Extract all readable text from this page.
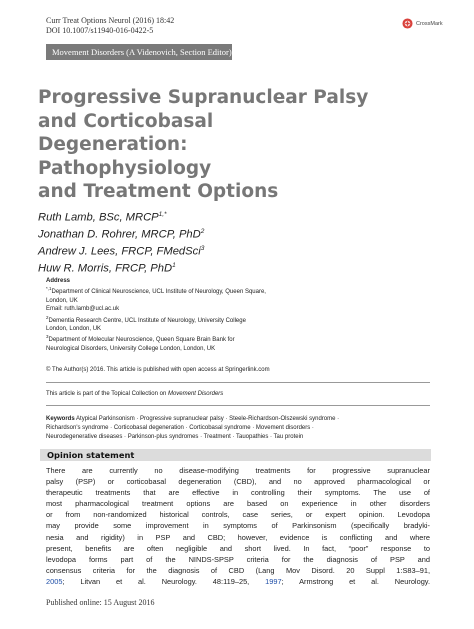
Curr Treat Options Neurol (2016) 18:42
DOI 10.1007/s11940-016-0422-5
CrossMark
Movement Disorders (A Videnovich, Section Editor)
Progressive Supranuclear Palsy
and Corticobasal
Degeneration:
Pathophysiology
and Treatment Options
Ruth Lamb, BSc, $MRCP^{1,*}$
Jonathan D. Rohrer, MRCP, PhD$^2$
Andrew J. Lees, FRCP, FMedSci$^3$
Huw R. Morris, FRCP, PhD$^1$
Address
$^{*,1}$Department of Clinical Neuroscience, UCL Institute of Neurology, Queen Square,
London, UK
Email: ruth.lamb@ucl.ac.uk
$^2$Dementia Research Centre, UCL Institute of Neurology, University College
London, London, UK
$^3$Department of Molecular Neuroscience, Queen Square Brain Bank for
Neurological Disorders, University College London, London, UK
© The Author(s) 2016. This article is published with open access at Springerlink.com
This article is part of the Topical Collection on Movement Disorders
Keywords Atypical Parkinsonism · Progressive supranuclear palsy · Steele-Richardson-Olszewski syndrome ·
Richardson's syndrome · Corticobasal degeneration · Corticobasal syndrome · Movement disorders ·
Neurodegenerative diseases · Parkinson-plus syndromes · Treatment · Tauopathies · Tau protein
Opinion statement
There are currently no disease-modifying treatments for progressive supranuclear
palsy (PSP) or corticobasal degeneration (CBD), and no approved pharmacological or
therapeutic treatments that are effective in controlling their symptoms. The use of
most pharmacological treatment options are based on experience in other disorders
or from non-randomized historical controls, case series, or expert opinion. Levodopa
may provide some improvement in symptoms of Parkinsonism (specifically bradyki-
nesia and rigidity) in PSP and CBD; however, evidence is conflicting and where
present, benefits are often negligible and short lived. In fact, “poor” response to
levodopa forms part of the NINDS-SPSP criteria for the diagnosis of PSP and
consensus criteria for the diagnosis of CBD (Lang Mov Disord. 20 Suppl 1:S83–91,
2005; Litvan et al. Neurology. 48:119–25, 1997; Armstrong et al. Neurology.
Published online: 15 August 2016
